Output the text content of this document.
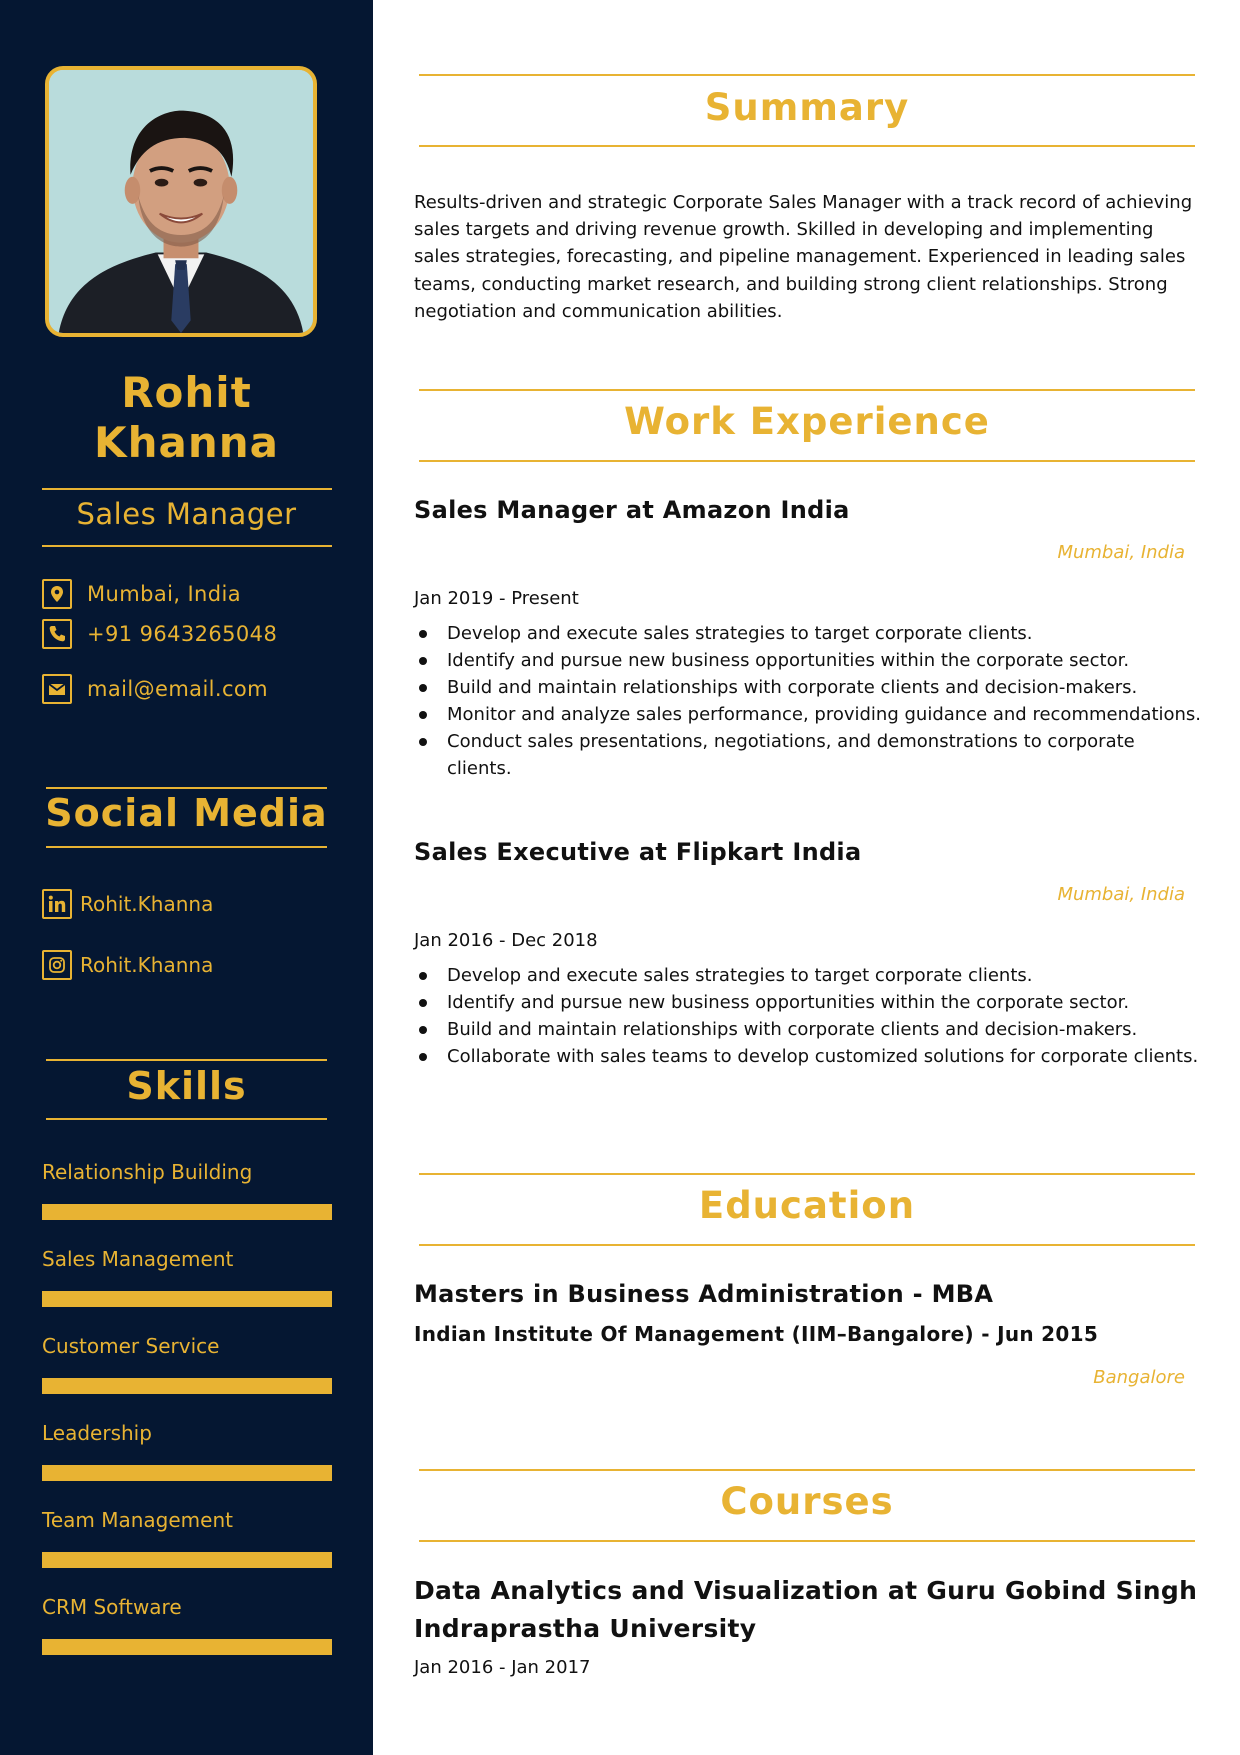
Rohit
Khanna
Sales Manager
Mumbai, India
+91 9643265048
mail@email.com
Social Media
Rohit.Khanna
Rohit.Khanna
Skills
Relationship Building
Sales Management
Customer Service
Leadership
Team Management
CRM Software
Summary

Results-driven and strategic Corporate Sales Manager with a track record of achieving sales targets and driving revenue growth. Skilled in developing and implementing sales strategies, forecasting, and pipeline management. Experienced in leading sales teams, conducting market research, and building strong client relationships. Strong negotiation and communication abilities.

Work Experience
Sales Manager at Amazon India
Mumbai, India
Jan 2019 - Present
Develop and execute sales strategies to target corporate clients.
Identify and pursue new business opportunities within the corporate sector.
Build and maintain relationships with corporate clients and decision-makers.
Monitor and analyze sales performance, providing guidance and recommendations.
Conduct sales presentations, negotiations, and demonstrations to corporate clients.
Sales Executive at Flipkart India
Mumbai, India
Jan 2016 - Dec 2018
Develop and execute sales strategies to target corporate clients.
Identify and pursue new business opportunities within the corporate sector.
Build and maintain relationships with corporate clients and decision-makers.
Collaborate with sales teams to develop customized solutions for corporate clients.
Education
Masters in Business Administration - MBA
Indian Institute Of Management (IIM–Bangalore) - Jun 2015
Bangalore
Courses
Data Analytics and Visualization at Guru Gobind Singh Indraprastha University
Jan 2016 - Jan 2017
